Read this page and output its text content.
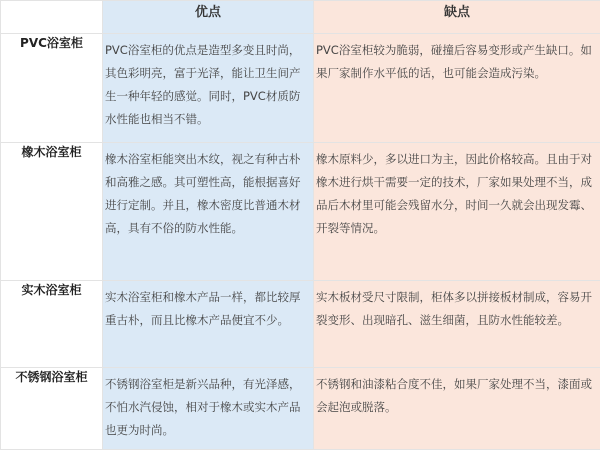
	优点	缺点
PVC浴室柜	PVC浴室柜的优点是造型多变且时尚，其色彩明亮，富于光泽，能让卫生间产生一种年轻的感觉。同时，PVC材质防水性能也相当不错。	PVC浴室柜较为脆弱，碰撞后容易变形或产生缺口。如果厂家制作水平低的话，也可能会造成污染。

橡木浴室柜	橡木浴室柜能突出木纹，视之有种古朴和高雅之感。其可塑性高，能根据喜好进行定制。并且，橡木密度比普通木材高，具有不俗的防水性能。	橡木原料少，多以进口为主，因此价格较高。且由于对橡木进行烘干需要一定的技术，厂家如果处理不当，成品后木材里可能会残留水分，时间一久就会出现发霉、开裂等情况。

实木浴室柜	实木浴室柜和橡木产品一样，都比较厚重古朴，而且比橡木产品便宜不少。	实木板材受尺寸限制，柜体多以拼接板材制成，容易开裂变形、出现暗孔、滋生细菌，且防水性能较差。

不锈钢浴室柜	不锈钢浴室柜是新兴品种，有光泽感，不怕水汽侵蚀，相对于橡木或实木产品也更为时尚。	不锈钢和油漆粘合度不佳，如果厂家处理不当，漆面或会起泡或脱落。
